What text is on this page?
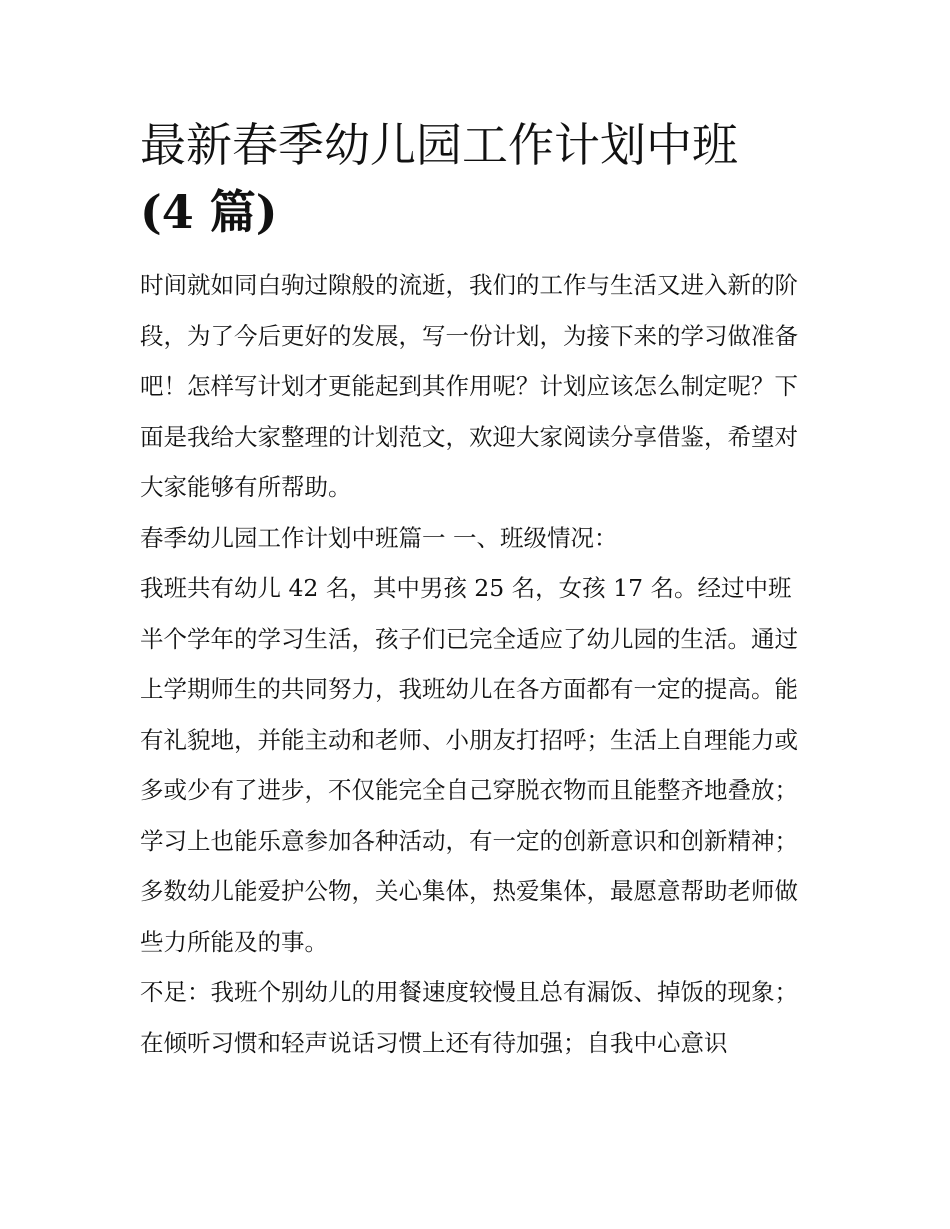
最新春季幼儿园工作计划中班
(4 篇)

时间就如同白驹过隙般的流逝，我们的工作与生活又进入新的阶段，为了今后更好的发展，写一份计划，为接下来的学习做准备吧！怎样写计划才更能起到其作用呢？计划应该怎么制定呢？下面是我给大家整理的计划范文，欢迎大家阅读分享借鉴，希望对大家能够有所帮助。

春季幼儿园工作计划中班篇一 一、班级情况：

我班共有幼儿 42 名，其中男孩 25 名，女孩 17 名。经过中班半个学年的学习生活，孩子们已完全适应了幼儿园的生活。通过上学期师生的共同努力，我班幼儿在各方面都有一定的提高。能有礼貌地，并能主动和老师、小朋友打招呼；生活上自理能力或多或少有了进步，不仅能完全自己穿脱衣物而且能整齐地叠放；学习上也能乐意参加各种活动，有一定的创新意识和创新精神；多数幼儿能爱护公物，关心集体，热爱集体，最愿意帮助老师做些力所能及的事。

不足：我班个别幼儿的用餐速度较慢且总有漏饭、掉饭的现象；在倾听习惯和轻声说话习惯上还有待加强；自我中心意识
